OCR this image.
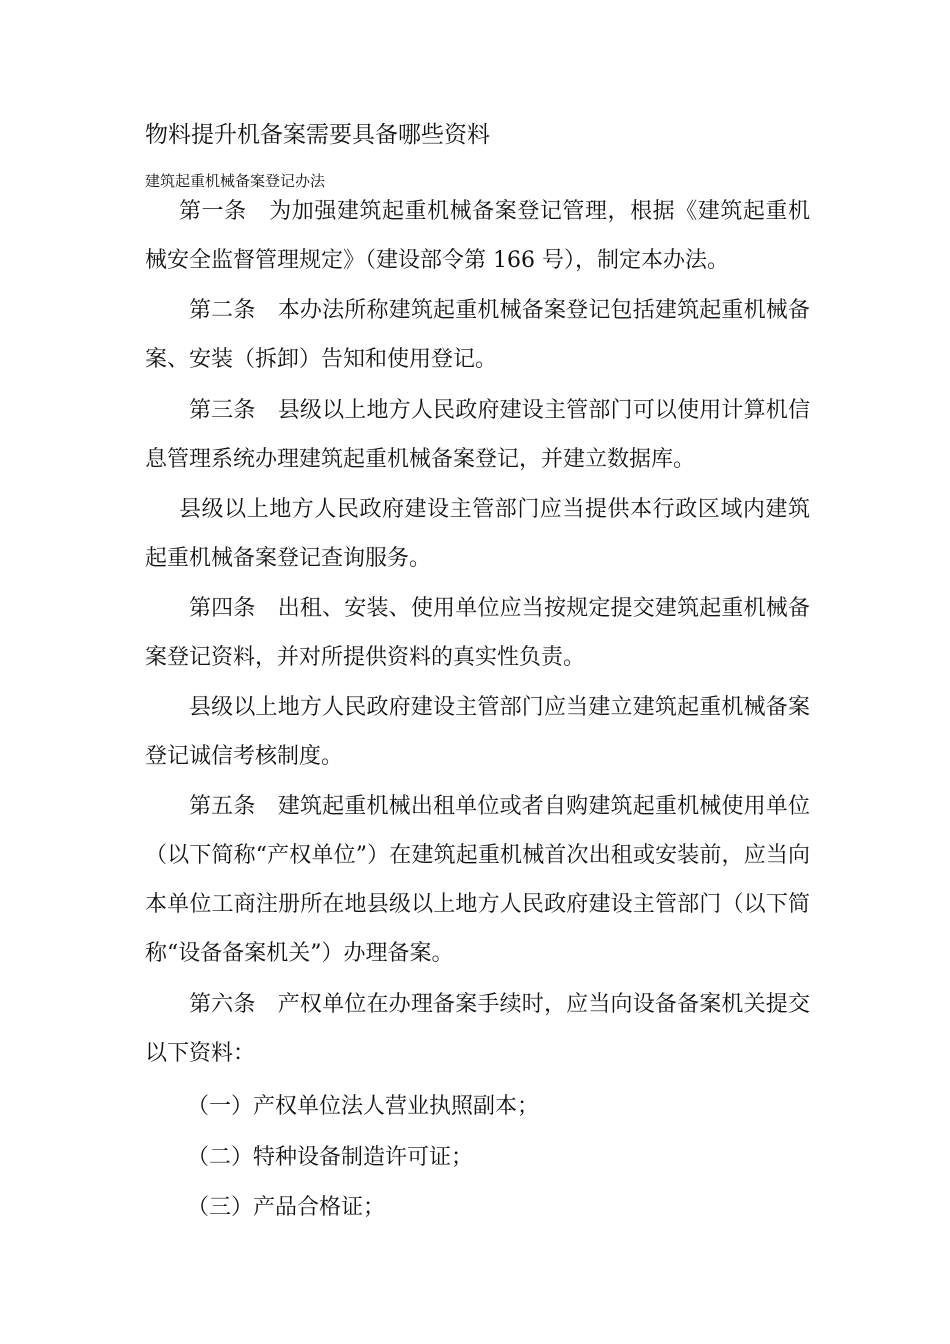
物料提升机备案需要具备哪些资料
建筑起重机械备案登记办法

第一条　为加强建筑起重机械备案登记管理，根据《建筑起重机械安全监督管理规定》（建设部令第 166 号），制定本办法。

第二条　本办法所称建筑起重机械备案登记包括建筑起重机械备案、安装（拆卸）告知和使用登记。

第三条　县级以上地方人民政府建设主管部门可以使用计算机信息管理系统办理建筑起重机械备案登记，并建立数据库。

县级以上地方人民政府建设主管部门应当提供本行政区域内建筑起重机械备案登记查询服务。

第四条　出租、安装、使用单位应当按规定提交建筑起重机械备案登记资料，并对所提供资料的真实性负责。

县级以上地方人民政府建设主管部门应当建立建筑起重机械备案登记诚信考核制度。

第五条　建筑起重机械出租单位或者自购建筑起重机械使用单位（以下简称“产权单位”）在建筑起重机械首次出租或安装前，应当向本单位工商注册所在地县级以上地方人民政府建设主管部门（以下简称“设备备案机关”）办理备案。

第六条　产权单位在办理备案手续时，应当向设备备案机关提交以下资料：

（一）产权单位法人营业执照副本；
（二）特种设备制造许可证；
（三）产品合格证；
